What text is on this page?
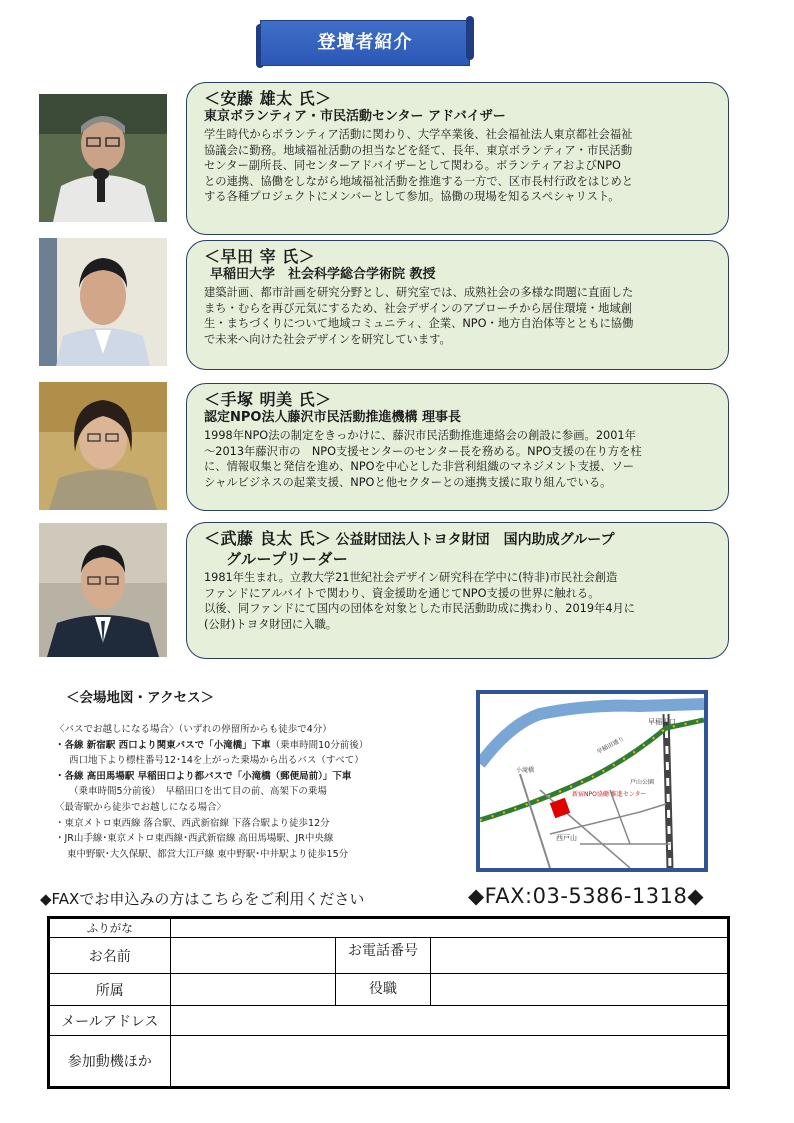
登壇者紹介
＜安藤 雄太 氏＞
東京ボランティア・市民活動センター アドバイザー
学生時代からボランティア活動に関わり、大学卒業後、社会福祉法人東京都社会福祉
協議会に勤務。地域福祉活動の担当などを経て、長年、東京ボランティア・市民活動
センター副所長、同センターアドバイザーとして関わる。ボランティアおよびNPO
との連携、協働をしながら地域福祉活動を推進する一方で、区市長村行政をはじめと
する各種プロジェクトにメンバーとして参加。協働の現場を知るスペシャリスト。
＜早田 宰 氏＞
早稲田大学　社会科学総合学術院 教授
建築計画、都市計画を研究分野とし、研究室では、成熟社会の多様な問題に直面した
まち・むらを再び元気にするため、社会デザインのアプローチから居住環境・地域創
生・まちづくりについて地域コミュニティ、企業、NPO・地方自治体等とともに協働
で未来へ向けた社会デザインを研究しています。
＜手塚 明美 氏＞
認定NPO法人藤沢市民活動推進機構 理事長
1998年NPO法の制定をきっかけに、藤沢市民活動推進連絡会の創設に参画。2001年
～2013年藤沢市の　NPO支援センターのセンター長を務める。NPO支援の在り方を柱
に、情報収集と発信を進め、NPOを中心とした非営利組織のマネジメント支援、ソー
シャルビジネスの起業支援、NPOと他セクターとの連携支援に取り組んでいる。
＜武藤 良太 氏＞ 公益財団法人トヨタ財団　国内助成グループ
グループリーダー
1981年生まれ。立教大学21世紀社会デザイン研究科在学中に(特非)市民社会創造
ファンドにアルバイトで関わり、資金援助を通じてNPO支援の世界に触れる。
以後、同ファンドにて国内の団体を対象とした市民活動助成に携わり、2019年4月に
(公財)トヨタ財団に入職。
＜会場地図・アクセス＞
〈バスでお越しになる場合〉（いずれの停留所からも徒歩で4分）
・各線 新宿駅 西口より関東バスで「小滝橋」下車（乗車時間10分前後）
西口地下より標柱番号12･14を上がった乗場から出るバス（すべて）
・各線 高田馬場駅 早稲田口より都バスで「小滝橋（郵便局前）」下車
（乗車時間5分前後）　 早稲田口を出て目の前、高架下の乗場
〈最寄駅から徒歩でお越しになる場合〉
・東京メトロ東西線 落合駅、西武新宿線 下落合駅より徒歩12分
・JR山手線･東京メトロ東西線･西武新宿線 高田馬場駅、JR中央線
東中野駅･大久保駅、都営大江戸線 東中野駅･中井駅より徒歩15分
早稲田口
早稲田通り
小滝橋
新宿NPO協働 推進センター
戸山公園
西戸山
◆FAXでお申込みの方はこちらをご利用ください	◆FAX:03-5386-1318◆
ふりがな			
お名前		お電話番号	
所属		役職	
メールアドレス			
参加動機ほか			
